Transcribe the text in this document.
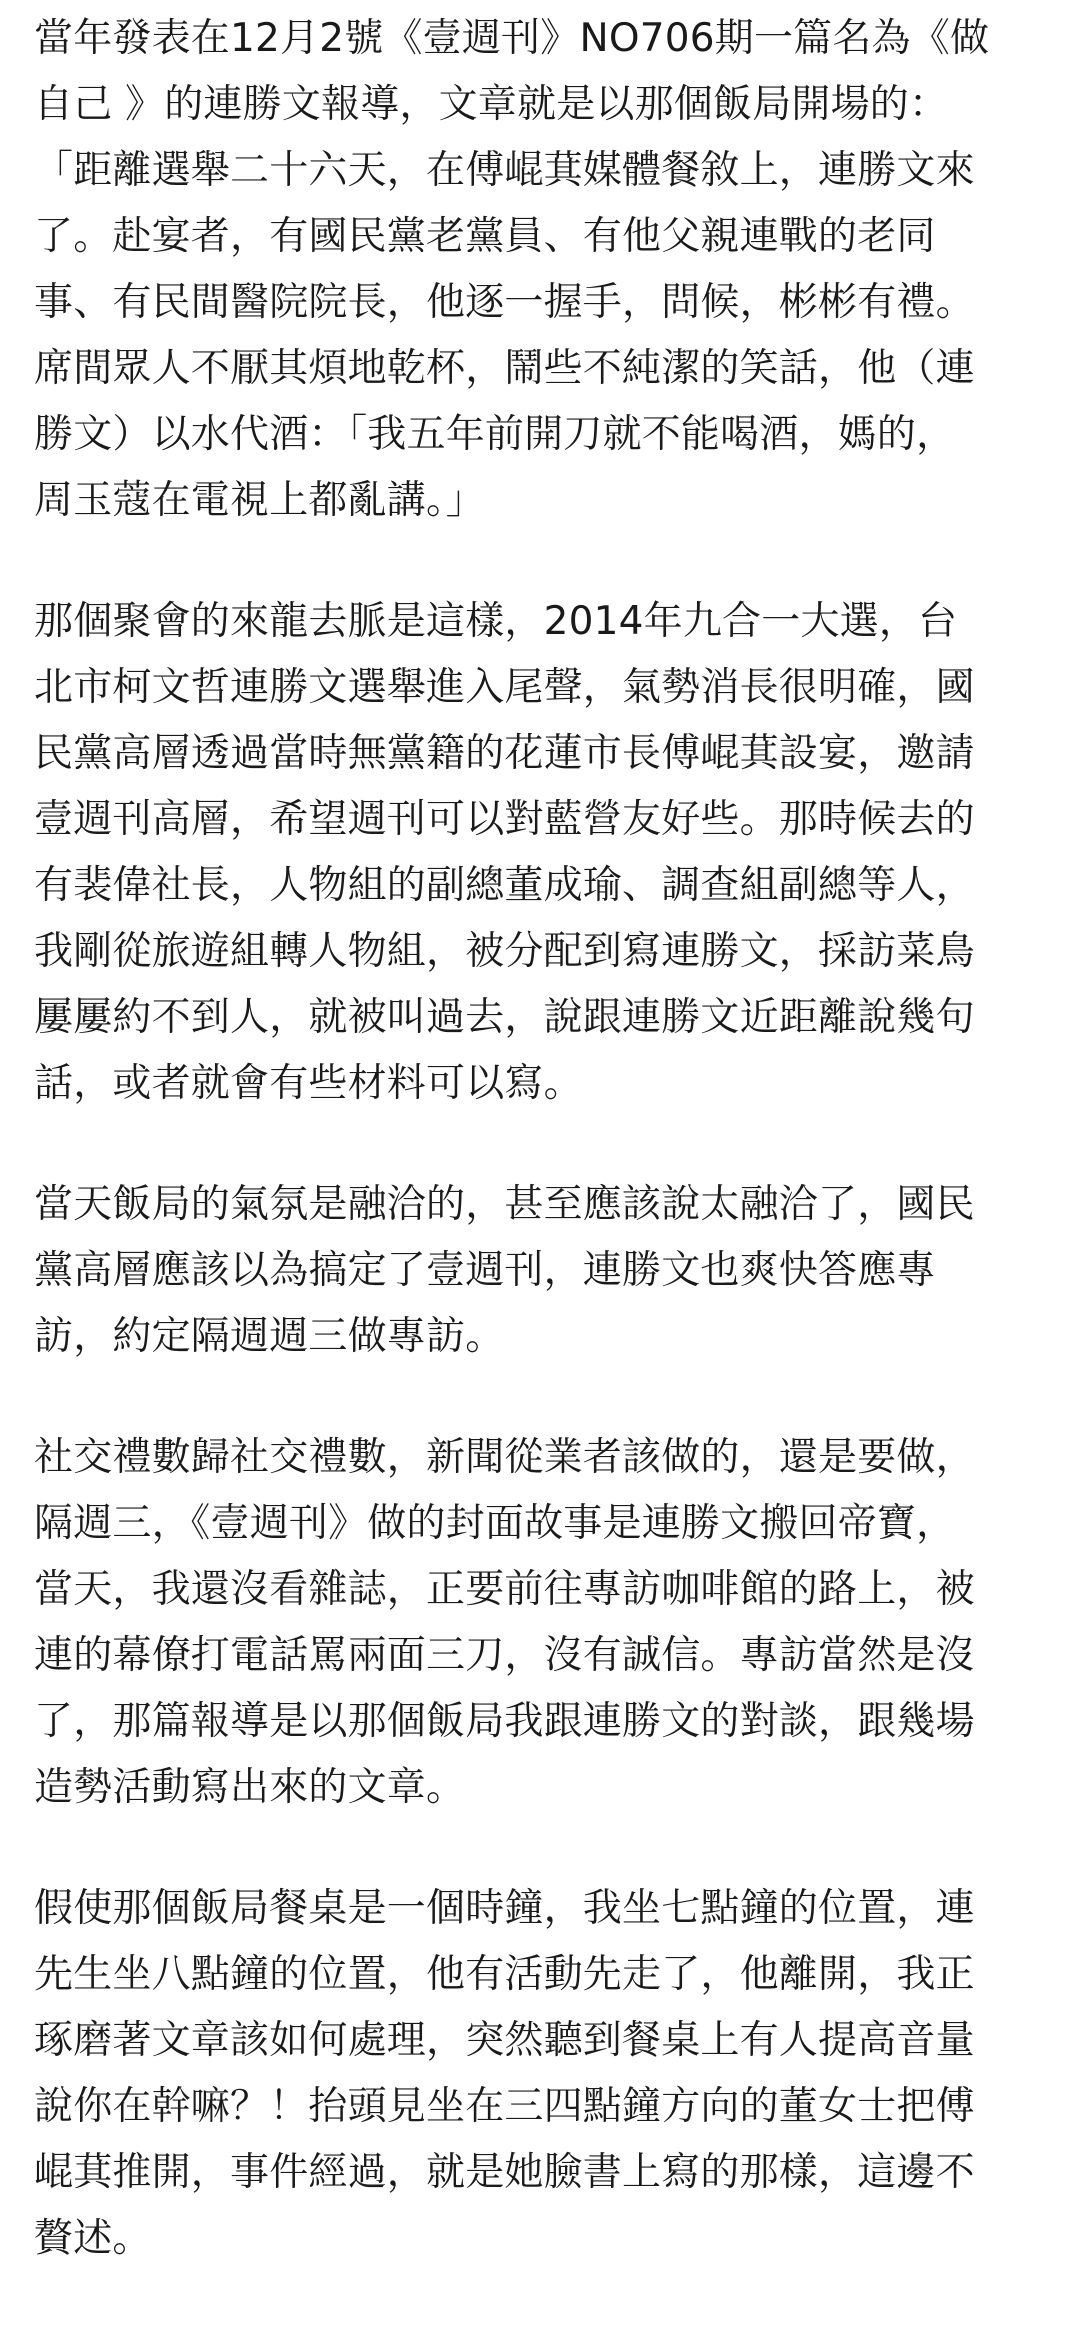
當年發表在12月2號《壹週刊》NO706期一篇名為《做
自己 》的連勝文報導，文章就是以那個飯局開場的：
「距離選舉二十六天，在傅崐萁媒體餐敘上，連勝文來
了。赴宴者，有國民黨老黨員、有他父親連戰的老同
事、有民間醫院院長，他逐一握手，問候，彬彬有禮。
席間眾人不厭其煩地乾杯，鬧些不純潔的笑話，他（連
勝文）以水代酒：「我五年前開刀就不能喝酒，媽的，
周玉蔻在電視上都亂講。」

那個聚會的來龍去脈是這樣，2014年九合一大選，台
北市柯文哲連勝文選舉進入尾聲，氣勢消長很明確，國
民黨高層透過當時無黨籍的花蓮市長傅崐萁設宴，邀請
壹週刊高層，希望週刊可以對藍營友好些。那時候去的
有裴偉社長，人物組的副總董成瑜、調查組副總等人，
我剛從旅遊組轉人物組，被分配到寫連勝文，採訪菜鳥
屢屢約不到人，就被叫過去，說跟連勝文近距離說幾句
話，或者就會有些材料可以寫。

當天飯局的氣氛是融洽的，甚至應該說太融洽了，國民
黨高層應該以為搞定了壹週刊，連勝文也爽快答應專
訪，約定隔週週三做專訪。

社交禮數歸社交禮數，新聞從業者該做的，還是要做，
隔週三，《壹週刊》做的封面故事是連勝文搬回帝寶，
當天，我還沒看雜誌，正要前往專訪咖啡館的路上，被
連的幕僚打電話罵兩面三刀，沒有誠信。專訪當然是沒
了，那篇報導是以那個飯局我跟連勝文的對談，跟幾場
造勢活動寫出來的文章。

假使那個飯局餐桌是一個時鐘，我坐七點鐘的位置，連
先生坐八點鐘的位置，他有活動先走了，他離開，我正
琢磨著文章該如何處理，突然聽到餐桌上有人提高音量
說你在幹嘛？！抬頭見坐在三四點鐘方向的董女士把傅
崐萁推開，事件經過，就是她臉書上寫的那樣，這邊不
贅述。
